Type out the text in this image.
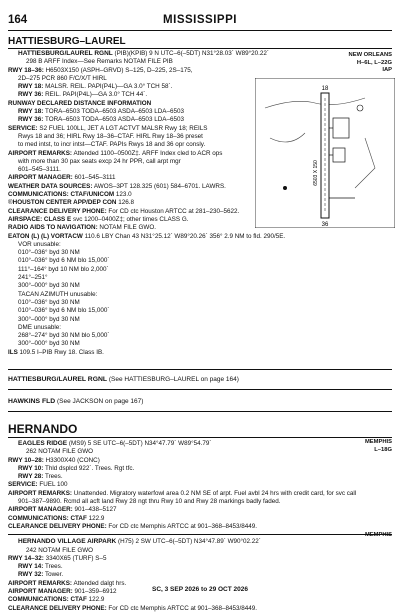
164	MISSISSIPPI
HATTIESBURG–LAUREL
NEW ORLEANS
H–6L, L–22G
IAP
HATTIESBURG/LAUREL RGNL (PIB)(KPIB) 9 N UTC–6(–5DT) N31°28.03´ W89°20.22´
298 B ARFF Index—See Remarks NOTAM FILE PIB
RWY 18–36: H6503X150 (ASPH–GRVD) S–125, D–225, 2S–175,
2D–275 PCR 860 F/C/X/T HIRL
RWY 18: MALSR. REIL. PAPI(P4L)—GA 3.0° TCH 58´.
RWY 36: REIL. PAPI(P4L)—GA 3.0° TCH 44´.
RUNWAY DECLARED DISTANCE INFORMATION
RWY 18: TORA–6503 TODA–6503 ASDA–6503 LDA–6503
RWY 36: TORA–6503 TODA–6503 ASDA–6503 LDA–6503
SERVICE: S2 FUEL 100LL, JET A LGT ACTVT MALSR Rwy 18; REILS
Rwys 18 and 36; HIRL Rwy 18–36–CTAF. HIRL Rwy 18–36 preset
to med intst, to incr intst—CTAF. PAPIs Rwys 18 and 36 opr consly.
AIRPORT REMARKS: Attended 1100–0500Z‡. ARFF Index cled to ACR ops
with more than 30 pax seats excp 24 hr PPR, call arpt mgr
601–545–3111.
AIRPORT MANAGER: 601–545–3111
WEATHER DATA SOURCES: AWOS–3PT 128.325 (601) 584–6701. LAWRS.
COMMUNICATIONS: CTAF/UNICOM 123.0
®HOUSTON CENTER APP/DEP CON 126.8
CLEARANCE DELIVERY PHONE: For CD ctc Houston ARTCC at 281–230–5622.
AIRSPACE: CLASS E svc 1200–0400Z‡; other times CLASS G.
RADIO AIDS TO NAVIGATION: NOTAM FILE GWO.
EATON (L) (L) VORTACW 110.6 LBY Chan 43 N31°25.12´ W89°20.26´ 356° 2.9 NM to fld. 290/5E.
VOR unusable:
010°–036° byd 30 NM
010°–036° byd 6 NM blo 15,000´
111°–164° byd 10 NM blo 2,000´
241°–251°
300°–000° byd 30 NM
TACAN AZIMUTH unusable:
010°–036° byd 30 NM
010°–036° byd 6 NM blo 15,000´
300°–000° byd 30 NM
DME unusable:
268°–274° byd 30 NM blo 5,000´
300°–000° byd 30 NM
ILS 109.5 I–PIB Rwy 18. Class IB.
18
36
6503 X 150
HATTIESBURG/LAUREL RGNL (See HATTIESBURG–LAUREL on page 164)
HAWKINS FLD (See JACKSON on page 167)
HERNANDO
MEMPHIS
L–18G
EAGLES RIDGE (MS9) 5 SE UTC–6(–5DT) N34°47.79´ W89°54.79´
262 NOTAM FILE GWO
RWY 10–28: H3300X40 (CONC)
RWY 10: Thld dsplcd 922´. Trees. Rgt tfc.
RWY 28: Trees.
SERVICE: FUEL 100
AIRPORT REMARKS: Unattended. Migratory waterfowl area 0.2 NM SE of arpt. Fuel avbl 24 hrs with credit card, for svc call
901–387–9890. Rcmd all acft land Rwy 28 ngt thru Rwy 10 and Rwy 28 markings badly faded.
AIRPORT MANAGER: 901–438–5127
COMMUNICATIONS: CTAF 122.9
CLEARANCE DELIVERY PHONE: For CD ctc Memphis ARTCC at 901–368–8453/8449.
MEMPHIS
HERNANDO VILLAGE AIRPARK (H75) 2 SW UTC–6(–5DT) N34°47.89´ W90°02.22´
242 NOTAM FILE GWO
RWY 14–32: 3340X65 (TURF) S–5
RWY 14: Trees.
RWY 32: Tower.
AIRPORT REMARKS: Attended dalgt hrs.
AIRPORT MANAGER: 901–359–6912
COMMUNICATIONS: CTAF 122.9
CLEARANCE DELIVERY PHONE: For CD ctc Memphis ARTCC at 901–368–8453/8449.
SC, 3 SEP 2026 to 29 OCT 2026
